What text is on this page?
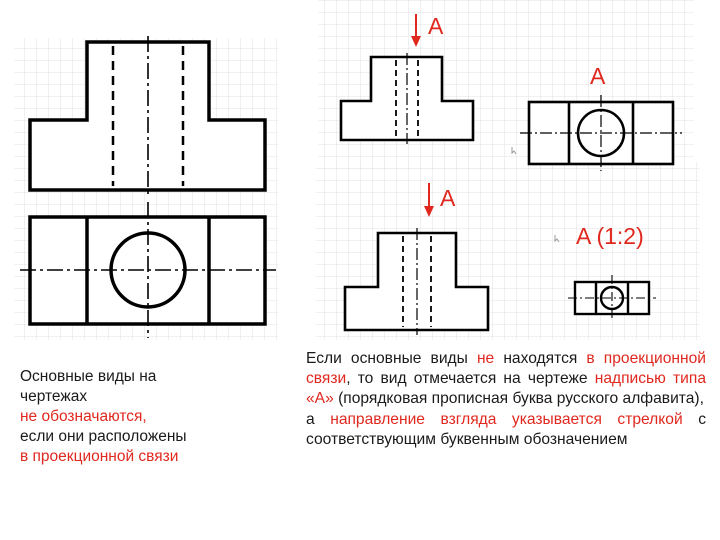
A
A
A
A (1:2)
Основные виды на
чертежах
не обозначаются,
если они расположены
в проекционной связи
Если основные виды не находятся в проекционной связи, то вид отмечается на чертеже надписью типа «А» (порядковая прописная буква русского алфавита),
а направление взгляда указывается стрелкой с соответствующим буквенным обозначением
